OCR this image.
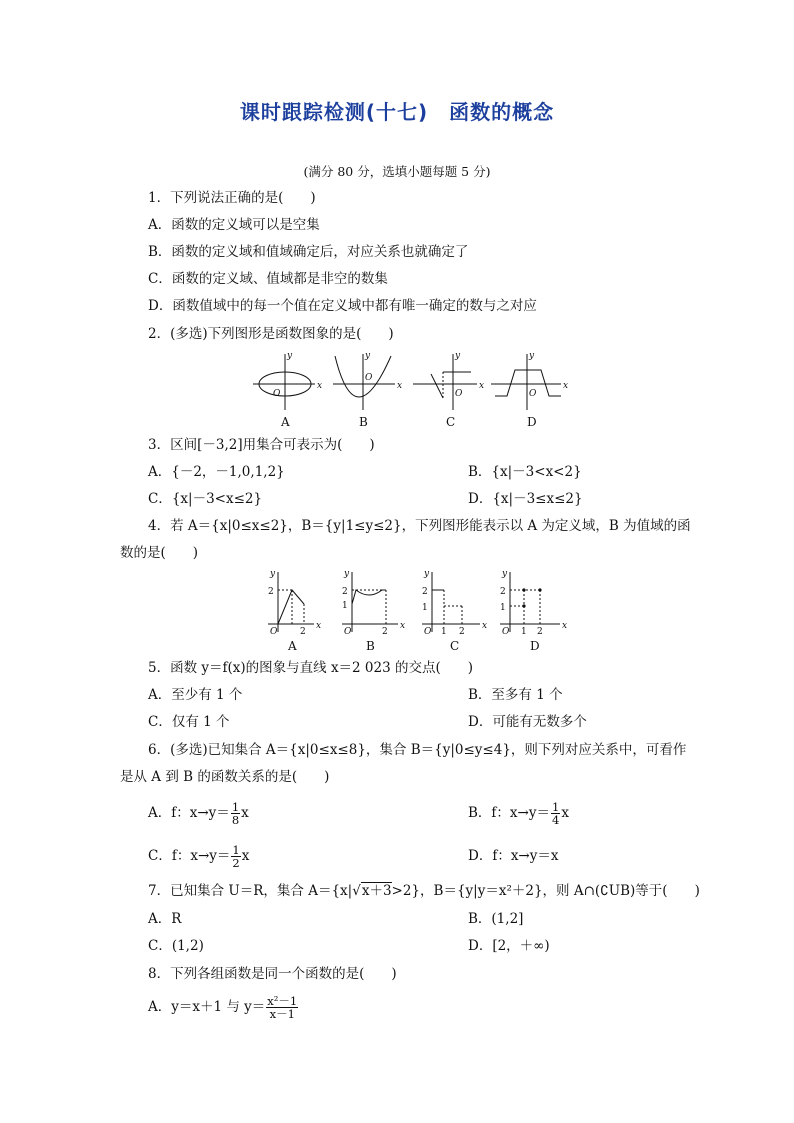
课时跟踪检测(十七)　函数的概念
(满分 80 分，选填小题每题 5 分)
1．下列说法正确的是(　　)
A．函数的定义域可以是空集
B．函数的定义域和值域确定后，对应关系也就确定了
C．函数的定义域、值域都是非空的数集
D．函数值域中的每一个值在定义域中都有唯一确定的数与之对应
2．(多选)下列图形是函数图象的是(　　)
x
y
O
x
y
O
x
y
O
x
y
O
A	B	C	D
3．区间[－3,2]用集合可表示为(　　)
A．{－2，－1,0,1,2}	B．{x|－3<x<2}
C．{x|－3<x≤2}	D．{x|－3≤x≤2}
4．若 A＝{x|0≤x≤2}，B＝{y|1≤y≤2}，下列图形能表示以 A 为定义域，B 为值域的函
数的是(　　)
2
2
O
x
y
2
1
2
O
x
y
2
1
1 2
O
x
y
2
1
1 2
O
x
y
A	B	C	D
5．函数 y＝f(x)的图象与直线 x＝2 023 的交点(　　)
A．至少有 1 个	B．至多有 1 个
C．仅有 1 个	D．可能有无数多个
6．(多选)已知集合 A＝{x|0≤x≤8}，集合 B＝{y|0≤y≤4}，则下列对应关系中，可看作
是从 A 到 B 的函数关系的是(　　)
A．f：$x\to y= \frac{1}{8}$ x	B．f：$x\to y= \frac{1}{4}$ x
C．f：$x\to y= \frac{1}{2}$ x	D．f：x→y＝x
7．已知集合 U＝R，集合 A＝{x|√x＋3>2}，B＝{y|y＝x²＋2}，则 A∩(∁UB)等于(　　)
A．R	B．(1,2]
C．(1,2)	D．[2，＋∞)
8．下列各组函数是同一个函数的是(　　)
A．y＝x＋1 与 $y= \frac{\text{x²－1}}{x-1}$
